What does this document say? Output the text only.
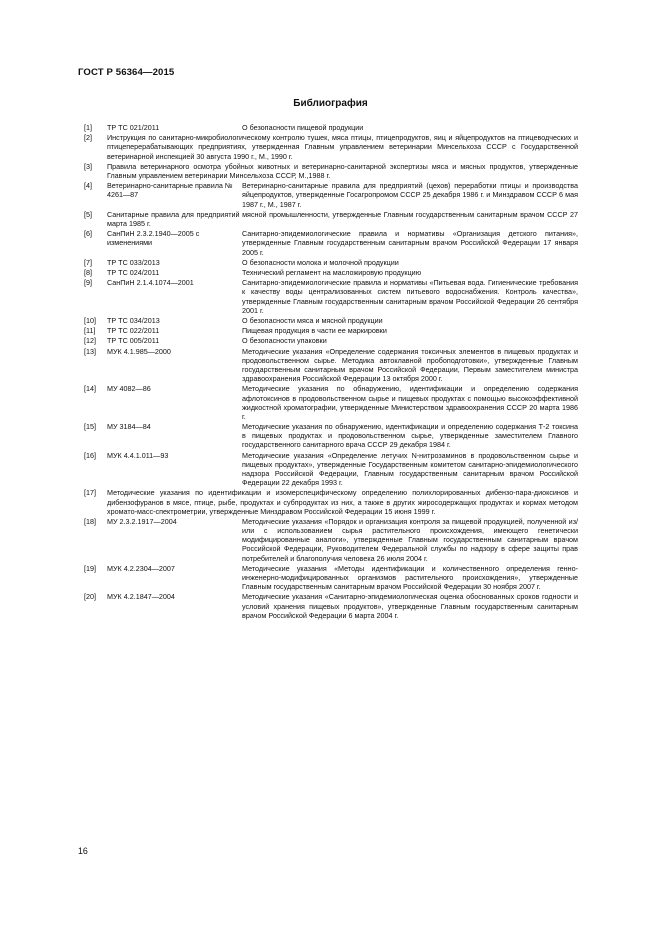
ГОСТ Р 56364—2015

Библиография
[1] ТР ТС 021/2011	О безопасности пищевой продукции
[2] Инструкция по санитарно-микробиологическому контролю тушек, мяса птицы, птицепродуктов, яиц и яйцепродуктов на птицеводческих и птицеперерабатывающих предприятиях, утвержденная Главным управлением ветеринарии Минсельхоза СССР с Государственной ветеринарной инспекцией 30 августа 1990 г., М., 1990 г.
[3] Правила ветеринарного осмотра убойных животных и ветеринарно-санитарной экспертизы мяса и мясных продуктов, утвержденные Главным управлением ветеринарии Минсельхоза СССР, М.,1988 г.
[4] Ветеринарно-санитарные правила № 4261—87
Ветеринарно-санитарные правила для предприятий (цехов) переработки птицы и производства яйцепродуктов, утвержденные Госагропромом СССР 25 декабря 1986 г. и Минздравом СССР 6 мая 1987 г., М., 1987 г.
[5] Санитарные правила для предприятий мясной промышленности, утвержденные Главным государственным санитарным врачом СССР 27 марта 1985 г.
[6] СанПиН 2.3.2.1940—2005 с изменениями
Санитарно-эпидемиологические правила и нормативы «Организация детского питания», утвержденные Главным государственным санитарным врачом Российской Федерации 17 января 2005 г.
[7] ТР ТС 033/2013	О безопасности молока и молочной продукции
[8] ТР ТС 024/2011	Технический регламент на масложировую продукцию
[9] СанПиН 2.1.4.1074—2001	Санитарно-эпидемиологические правила и нормативы «Питьевая вода. Гигиенические требования к качеству воды централизованных систем питьевого водоснабжения. Контроль качества», утвержденные Главным государственным санитарным врачом Российской Федерации 26 сентября 2001 г.
[10] ТР ТС 034/2013	О безопасности мяса и мясной продукции
[11] ТР ТС 022/2011	Пищевая продукция в части ее маркировки
[12] ТР ТС 005/2011	О безопасности упаковки
[13] МУК 4.1.985—2000	Методические указания «Определение содержания токсичных элементов в пищевых продуктах и продовольственном сырье. Методика автоклавной пробоподготовки», утвержденные Главным государственным санитарным врачом Российской Федерации, Первым заместителем министра здравоохранения Российской Федерации 13 октября 2000 г.
[14] МУ 4082—86	Методические указания по обнаружению, идентификации и определению содержания афлотоксинов в продовольственном сырье и пищевых продуктах с помощью высокоэффективной жидкостной хроматографии, утвержденные Министерством здравоохранения СССР 20 марта 1986 г.
[15] МУ 3184—84	Методические указания по обнаружению, идентификации и определению содержания Т-2 токсина в пищевых продуктах и продовольственном сырье, утвержденные заместителем Главного государственного санитарного врача СССР 29 декабря 1984 г.
[16] МУК 4.4.1.011—93	Методические указания «Определение летучих N-нитрозаминов в продовольственном сырье и пищевых продуктах», утвержденные Государственным комитетом санитарно-эпидемиологического надзора Российской Федерации, Главным государственным санитарным врачом Российской Федерации 22 декабря 1993 г.
[17] Методические указания по идентификации и изомерспецифическому определению полихлорированных дибензо-пара-диоксинов и дибензофуранов в мясе, птице, рыбе, продуктах и субпродуктах из них, а также в других жиросодержащих продуктах и кормах методом хромато-масс-спектрометрии, утвержденные Минздравом Российской Федерации 15 июня 1999 г.
[18] МУ 2.3.2.1917—2004	Методические указания «Порядок и организация контроля за пищевой продукцией, полученной из/или с использованием сырья растительного происхождения, имеющего генетически модифицированные аналоги», утвержденные Главным государственным санитарным врачом Российской Федерации, Руководителем Федеральной службы по надзору в сфере защиты прав потребителей и благополучия человека 26 июля 2004 г.
[19] МУК 4.2.2304—2007	Методические указания «Методы идентификации и количественного определения генно-инженерно-модифицированных организмов растительного происхождения», утвержденные Главным государственным санитарным врачом Российской Федерации 30 ноября 2007 г.
[20] МУК 4.2.1847—2004	Методические указания «Санитарно-эпидемиологическая оценка обоснованных сроков годности и условий хранения пищевых продуктов», утвержденные Главным государственным санитарным врачом Российской Федерации 6 марта 2004 г.

16
